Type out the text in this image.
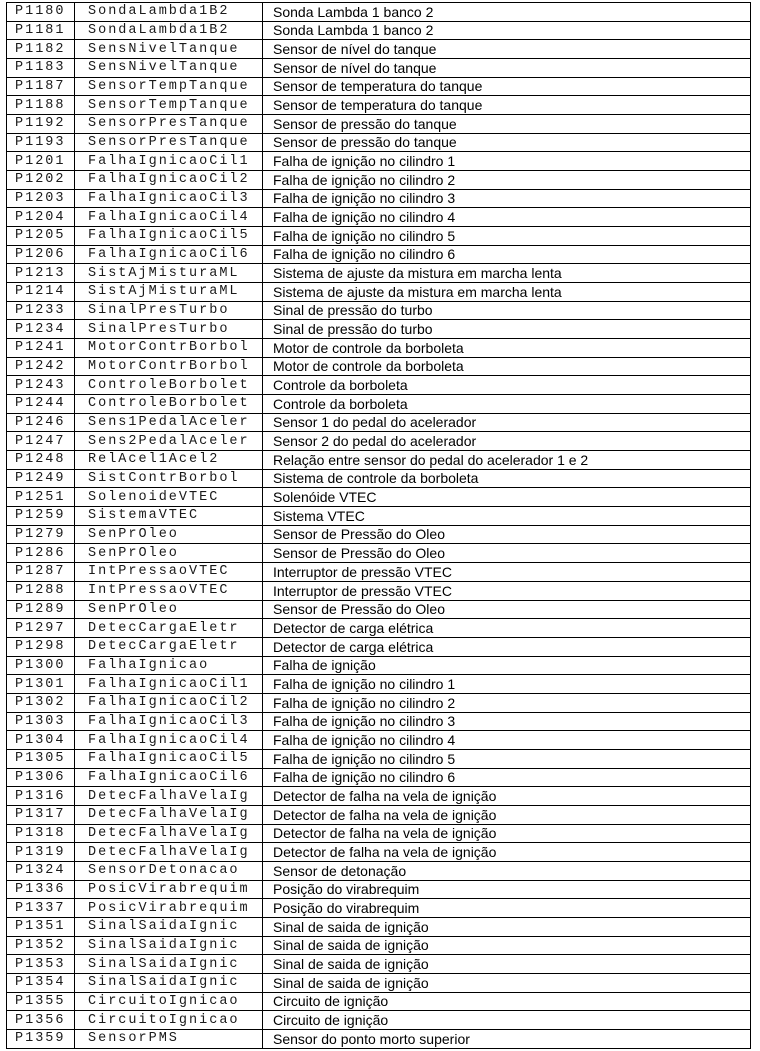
P1180	SondaLambda1B2	Sonda Lambda 1 banco 2
P1181	SondaLambda1B2	Sonda Lambda 1 banco 2
P1182	SensNivelTanque	Sensor de nível do tanque
P1183	SensNivelTanque	Sensor de nível do tanque
P1187	SensorTempTanque	Sensor de temperatura do tanque
P1188	SensorTempTanque	Sensor de temperatura do tanque
P1192	SensorPresTanque	Sensor de pressão do tanque
P1193	SensorPresTanque	Sensor de pressão do tanque
P1201	FalhaIgnicaoCil1	Falha de ignição no cilindro 1
P1202	FalhaIgnicaoCil2	Falha de ignição no cilindro 2
P1203	FalhaIgnicaoCil3	Falha de ignição no cilindro 3
P1204	FalhaIgnicaoCil4	Falha de ignição no cilindro 4
P1205	FalhaIgnicaoCil5	Falha de ignição no cilindro 5
P1206	FalhaIgnicaoCil6	Falha de ignição no cilindro 6
P1213	SistAjMisturaML	Sistema de ajuste da mistura em marcha lenta
P1214	SistAjMisturaML	Sistema de ajuste da mistura em marcha lenta
P1233	SinalPresTurbo	Sinal de pressão do turbo
P1234	SinalPresTurbo	Sinal de pressão do turbo
P1241	MotorContrBorbol	Motor de controle da borboleta
P1242	MotorContrBorbol	Motor de controle da borboleta
P1243	ControleBorbolet	Controle da borboleta
P1244	ControleBorbolet	Controle da borboleta
P1246	Sens1PedalAceler	Sensor 1 do pedal do acelerador
P1247	Sens2PedalAceler	Sensor 2 do pedal do acelerador
P1248	RelAcel1Acel2	Relação entre sensor do pedal do acelerador 1 e 2
P1249	SistContrBorbol	Sistema de controle da borboleta
P1251	SolenoideVTEC	Solenóide VTEC
P1259	SistemaVTEC	Sistema VTEC
P1279	SenPrOleo	Sensor de Pressão do Oleo
P1286	SenPrOleo	Sensor de Pressão do Oleo
P1287	IntPressaoVTEC	Interruptor de pressão VTEC
P1288	IntPressaoVTEC	Interruptor de pressão VTEC
P1289	SenPrOleo	Sensor de Pressão do Oleo
P1297	DetecCargaEletr	Detector de carga elétrica
P1298	DetecCargaEletr	Detector de carga elétrica
P1300	FalhaIgnicao	Falha de ignição
P1301	FalhaIgnicaoCil1	Falha de ignição no cilindro 1
P1302	FalhaIgnicaoCil2	Falha de ignição no cilindro 2
P1303	FalhaIgnicaoCil3	Falha de ignição no cilindro 3
P1304	FalhaIgnicaoCil4	Falha de ignição no cilindro 4
P1305	FalhaIgnicaoCil5	Falha de ignição no cilindro 5
P1306	FalhaIgnicaoCil6	Falha de ignição no cilindro 6
P1316	DetecFalhaVelaIg	Detector de falha na vela de ignição
P1317	DetecFalhaVelaIg	Detector de falha na vela de ignição
P1318	DetecFalhaVelaIg	Detector de falha na vela de ignição
P1319	DetecFalhaVelaIg	Detector de falha na vela de ignição
P1324	SensorDetonacao	Sensor de detonação
P1336	PosicVirabrequim	Posição do virabrequim
P1337	PosicVirabrequim	Posição do virabrequim
P1351	SinalSaidaIgnic	Sinal de saida de ignição
P1352	SinalSaidaIgnic	Sinal de saida de ignição
P1353	SinalSaidaIgnic	Sinal de saida de ignição
P1354	SinalSaidaIgnic	Sinal de saida de ignição
P1355	CircuitoIgnicao	Circuito de ignição
P1356	CircuitoIgnicao	Circuito de ignição
P1359	SensorPMS	Sensor do ponto morto superior
